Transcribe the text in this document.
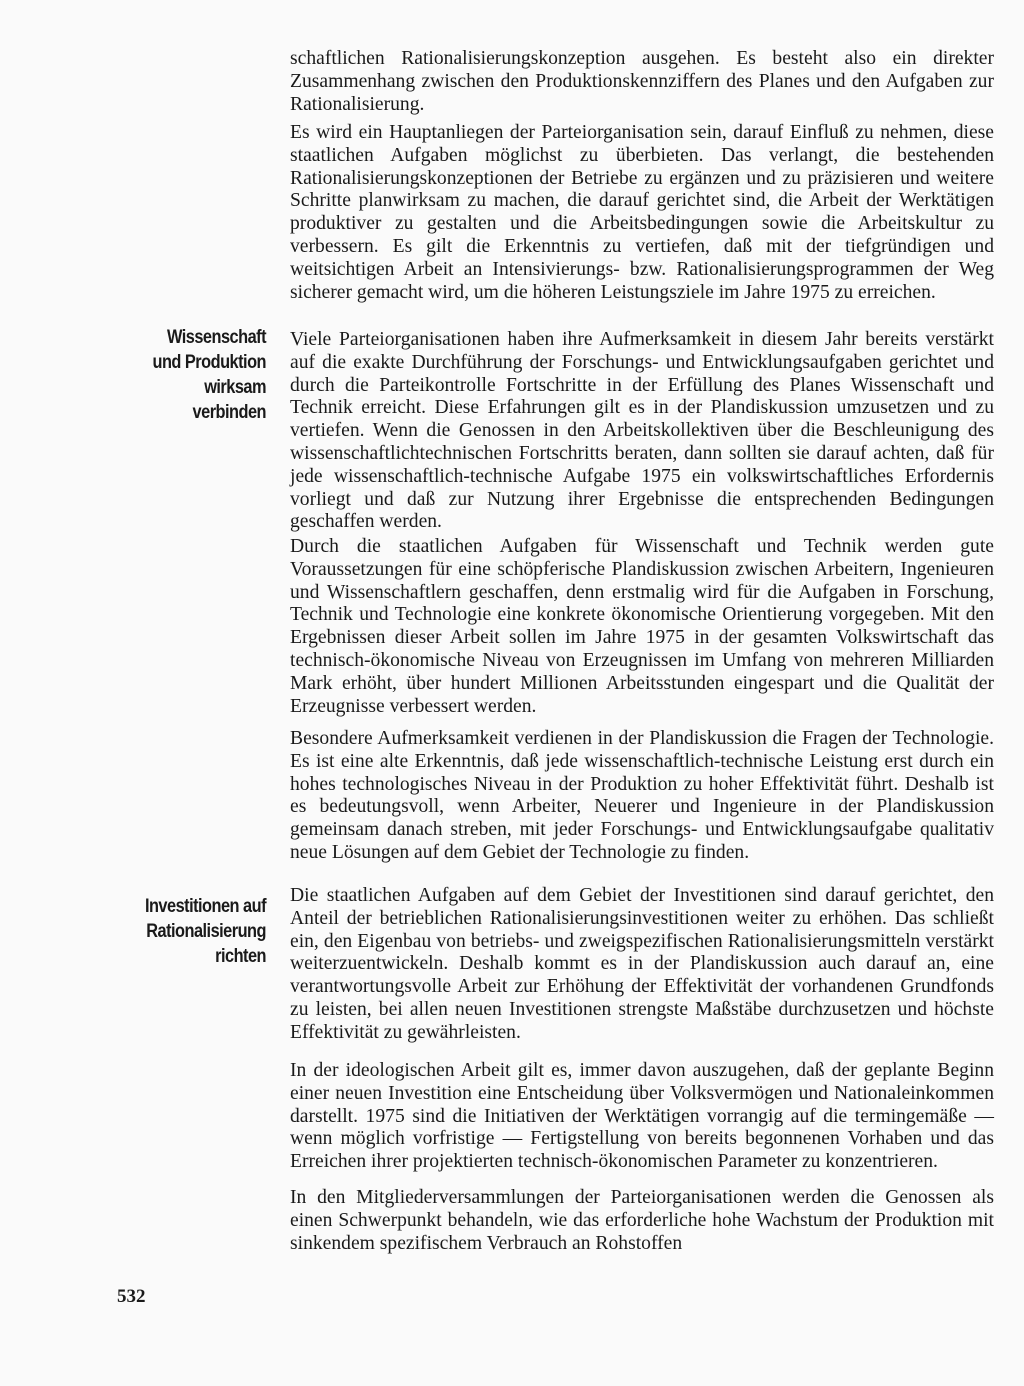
schaftlichen Rationalisierungskonzeption ausgehen. Es besteht also ein direkter Zusammenhang zwischen den Produktionskennziffern des Planes und den Aufgaben zur Rationalisierung.

Es wird ein Hauptanliegen der Parteiorganisation sein, darauf Einfluß zu nehmen, diese staatlichen Aufgaben möglichst zu überbieten. Das verlangt, die bestehenden Rationalisierungskonzeptionen der Betriebe zu ergänzen und zu präzisieren und weitere Schritte planwirksam zu machen, die darauf gerichtet sind, die Arbeit der Werktätigen produktiver zu gestalten und die Arbeitsbedingungen sowie die Arbeitskultur zu verbessern. Es gilt die Erkenntnis zu vertiefen, daß mit der tiefgründigen und weitsichtigen Arbeit an Intensivierungs- bzw. Rationalisierungsprogrammen der Weg sicherer gemacht wird, um die höheren Leistungsziele im Jahre 1975 zu erreichen.

Wissenschaft und Produktion wirksam verbinden

Viele Parteiorganisationen haben ihre Aufmerksamkeit in diesem Jahr bereits verstärkt auf die exakte Durchführung der Forschungs- und Entwicklungsaufgaben gerichtet und durch die Parteikontrolle Fortschritte in der Erfüllung des Planes Wissenschaft und Technik erreicht. Diese Erfahrungen gilt es in der Plandiskussion umzusetzen und zu vertiefen. Wenn die Genossen in den Arbeitskollektiven über die Beschleunigung des wissenschaftlichtechnischen Fortschritts beraten, dann sollten sie darauf achten, daß für jede wissenschaftlich-technische Aufgabe 1975 ein volkswirtschaftliches Erfordernis vorliegt und daß zur Nutzung ihrer Ergebnisse die entsprechenden Bedingungen geschaffen werden.

Durch die staatlichen Aufgaben für Wissenschaft und Technik werden gute Voraussetzungen für eine schöpferische Plandiskussion zwischen Arbeitern, Ingenieuren und Wissenschaftlern geschaffen, denn erstmalig wird für die Aufgaben in Forschung, Technik und Technologie eine konkrete ökonomische Orientierung vorgegeben. Mit den Ergebnissen dieser Arbeit sollen im Jahre 1975 in der gesamten Volkswirtschaft das technisch-ökonomische Niveau von Erzeugnissen im Umfang von mehreren Milliarden Mark erhöht, über hundert Millionen Arbeitsstunden eingespart und die Qualität der Erzeugnisse verbessert werden.

Besondere Aufmerksamkeit verdienen in der Plandiskussion die Fragen der Technologie. Es ist eine alte Erkenntnis, daß jede wissenschaftlich-technische Leistung erst durch ein hohes technologisches Niveau in der Produktion zu hoher Effektivität führt. Deshalb ist es bedeutungsvoll, wenn Arbeiter, Neuerer und Ingenieure in der Plandiskussion gemeinsam danach streben, mit jeder Forschungs- und Entwicklungsaufgabe qualitativ neue Lösungen auf dem Gebiet der Technologie zu finden.

Investitionen auf Rationalisierung richten

Die staatlichen Aufgaben auf dem Gebiet der Investitionen sind darauf gerichtet, den Anteil der betrieblichen Rationalisierungsinvestitionen weiter zu erhöhen. Das schließt ein, den Eigenbau von betriebs- und zweigspezifischen Rationalisierungsmitteln verstärkt weiterzuentwickeln. Deshalb kommt es in der Plandiskussion auch darauf an, eine verantwortungsvolle Arbeit zur Erhöhung der Effektivität der vorhandenen Grundfonds zu leisten, bei allen neuen Investitionen strengste Maßstäbe durchzusetzen und höchste Effektivität zu gewährleisten.

In der ideologischen Arbeit gilt es, immer davon auszugehen, daß der geplante Beginn einer neuen Investition eine Entscheidung über Volksvermögen und Nationaleinkommen darstellt. 1975 sind die Initiativen der Werktätigen vorrangig auf die termingemäße — wenn möglich vorfristige — Fertigstellung von bereits begonnenen Vorhaben und das Erreichen ihrer projektierten technisch-ökonomischen Parameter zu konzentrieren.

In den Mitgliederversammlungen der Parteiorganisationen werden die Genossen als einen Schwerpunkt behandeln, wie das erforderliche hohe Wachstum der Produktion mit sinkendem spezifischem Verbrauch an Rohstoffen

532
